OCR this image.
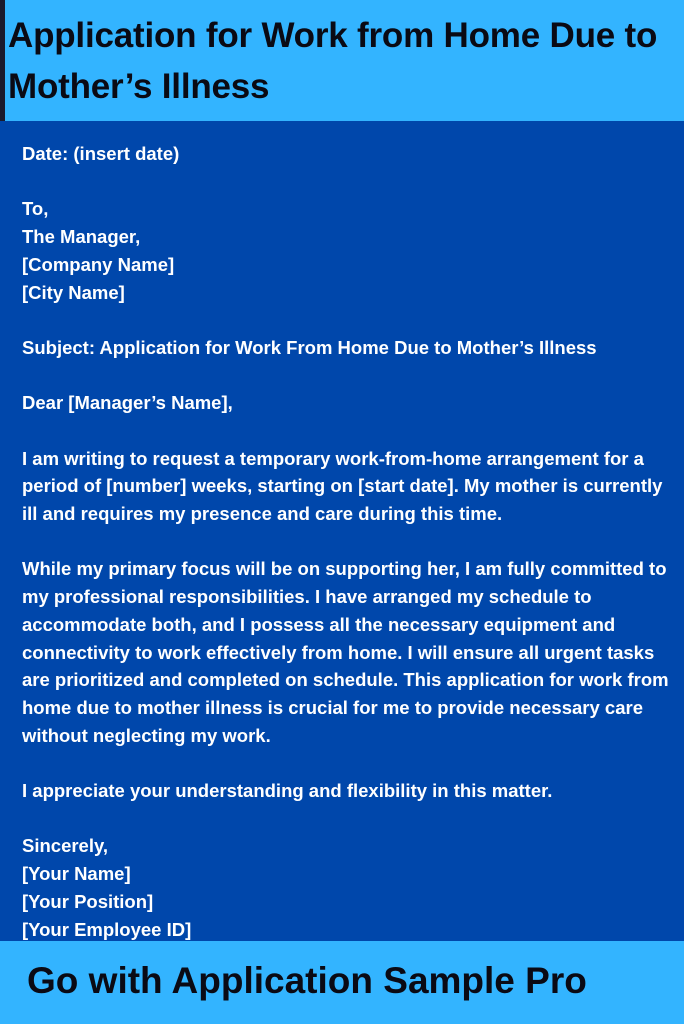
Application for Work from Home Due to Mother’s Illness

Date: (insert date)

To,
The Manager,
[Company Name]
[City Name]

Subject: Application for Work From Home Due to Mother’s Illness

Dear [Manager’s Name],

I am writing to request a temporary work-from-home arrangement for a period of [number] weeks, starting on [start date]. My mother is currently ill and requires my presence and care during this time.

While my primary focus will be on supporting her, I am fully committed to my professional responsibilities. I have arranged my schedule to accommodate both, and I possess all the necessary equipment and connectivity to work effectively from home. I will ensure all urgent tasks are prioritized and completed on schedule. This application for work from home due to mother illness is crucial for me to provide necessary care without neglecting my work.

I appreciate your understanding and flexibility in this matter.

Sincerely,

[Your Name]
[Your Position]
[Your Employee ID]
Go with Application Sample Pro
